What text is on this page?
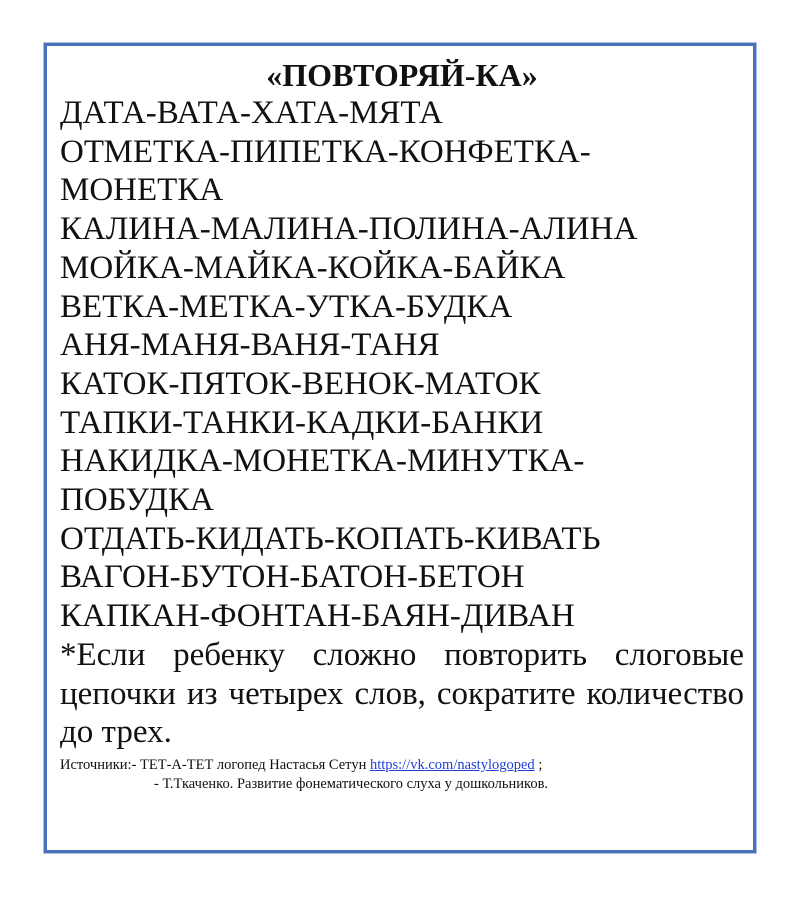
«ПОВТОРЯЙ-КА»
ДАТА-ВАТА-ХАТА-МЯТА
ОТМЕТКА-ПИПЕТКА-КОНФЕТКА-
МОНЕТКА
КАЛИНА-МАЛИНА-ПОЛИНА-АЛИНА
МОЙКА-МАЙКА-КОЙКА-БАЙКА
ВЕТКА-МЕТКА-УТКА-БУДКА
АНЯ-МАНЯ-ВАНЯ-ТАНЯ
КАТОК-ПЯТОК-ВЕНОК-МАТОК
ТАПКИ-ТАНКИ-КАДКИ-БАНКИ
НАКИДКА-МОНЕТКА-МИНУТКА-
ПОБУДКА
ОТДАТЬ-КИДАТЬ-КОПАТЬ-КИВАТЬ
ВАГОН-БУТОН-БАТОН-БЕТОН
КАПКАН-ФОНТАН-БАЯН-ДИВАН

*Если ребенку сложно повторить слоговые цепочки из четырех слов, сократите количество до трех.

Источники:- ТЕТ-А-ТЕТ логопед Настасья Сетун https://vk.com/nastylogoped ;
- Т.Ткаченко. Развитие фонематического слуха у дошкольников.
